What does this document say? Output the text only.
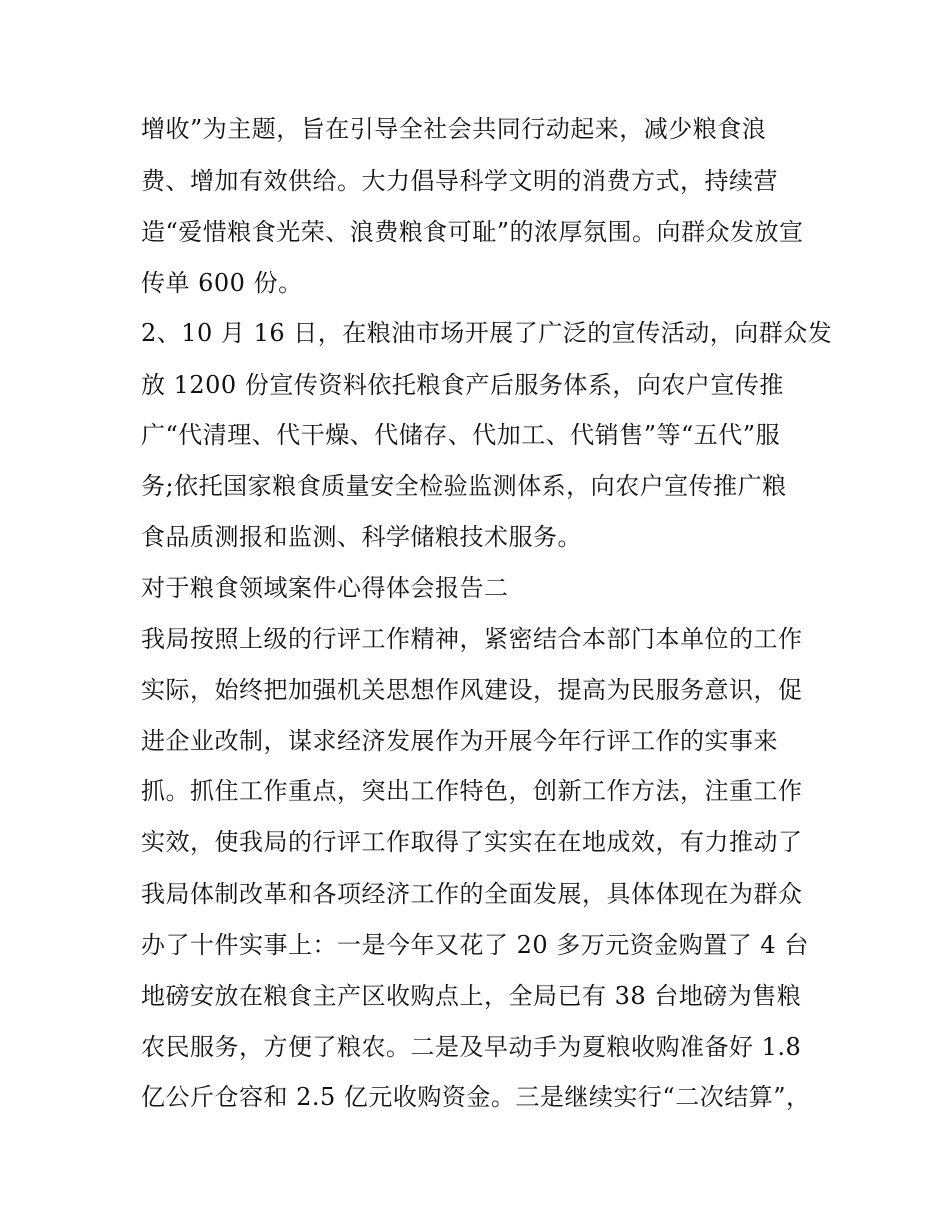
增收”为主题，旨在引导全社会共同行动起来，减少粮食浪
费、增加有效供给。大力倡导科学文明的消费方式，持续营
造“爱惜粮食光荣、浪费粮食可耻”的浓厚氛围。向群众发放宣
传单 600 份。
2、10 月 16 日，在粮油市场开展了广泛的宣传活动，向群众发
放 1200 份宣传资料依托粮食产后服务体系，向农户宣传推
广“代清理、代干燥、代储存、代加工、代销售”等“五代”服
务;依托国家粮食质量安全检验监测体系，向农户宣传推广粮
食品质测报和监测、科学储粮技术服务。
对于粮食领域案件心得体会报告二
我局按照上级的行评工作精神，紧密结合本部门本单位的工作
实际，始终把加强机关思想作风建设，提高为民服务意识，促
进企业改制，谋求经济发展作为开展今年行评工作的实事来
抓。抓住工作重点，突出工作特色，创新工作方法，注重工作
实效，使我局的行评工作取得了实实在在地成效，有力推动了
我局体制改革和各项经济工作的全面发展，具体体现在为群众
办了十件实事上：一是今年又花了 20 多万元资金购置了 4 台
地磅安放在粮食主产区收购点上，全局已有 38 台地磅为售粮
农民服务，方便了粮农。二是及早动手为夏粮收购准备好 1.8
亿公斤仓容和 2.5 亿元收购资金。三是继续实行“二次结算”，
